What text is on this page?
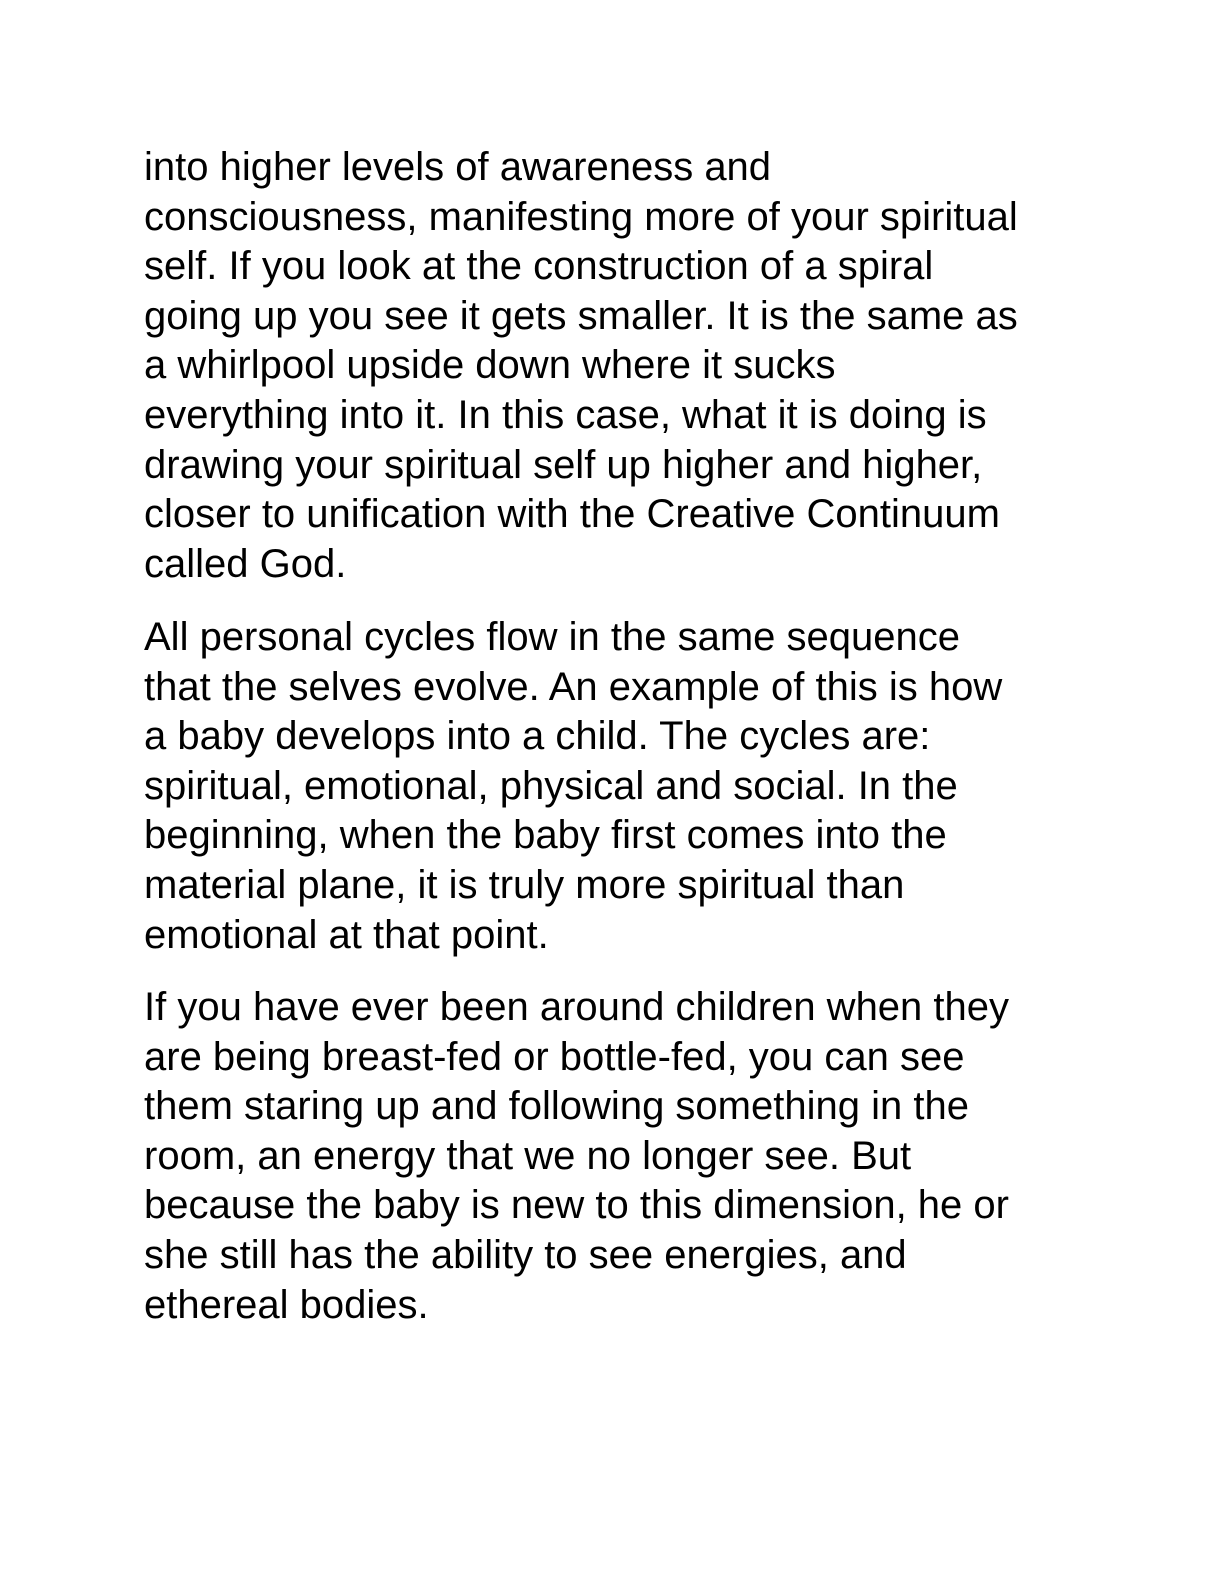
into higher levels of awareness and
consciousness, manifesting more of your spiritual
self. If you look at the construction of a spiral
going up you see it gets smaller. It is the same as
a whirlpool upside down where it sucks
everything into it. In this case, what it is doing is
drawing your spiritual self up higher and higher,
closer to unification with the Creative Continuum
called God.
All personal cycles flow in the same sequence
that the selves evolve. An example of this is how
a baby develops into a child. The cycles are:
spiritual, emotional, physical and social. In the
beginning, when the baby first comes into the
material plane, it is truly more spiritual than
emotional at that point.
If you have ever been around children when they
are being breast-fed or bottle-fed, you can see
them staring up and following something in the
room, an energy that we no longer see. But
because the baby is new to this dimension, he or
she still has the ability to see energies, and
ethereal bodies.
